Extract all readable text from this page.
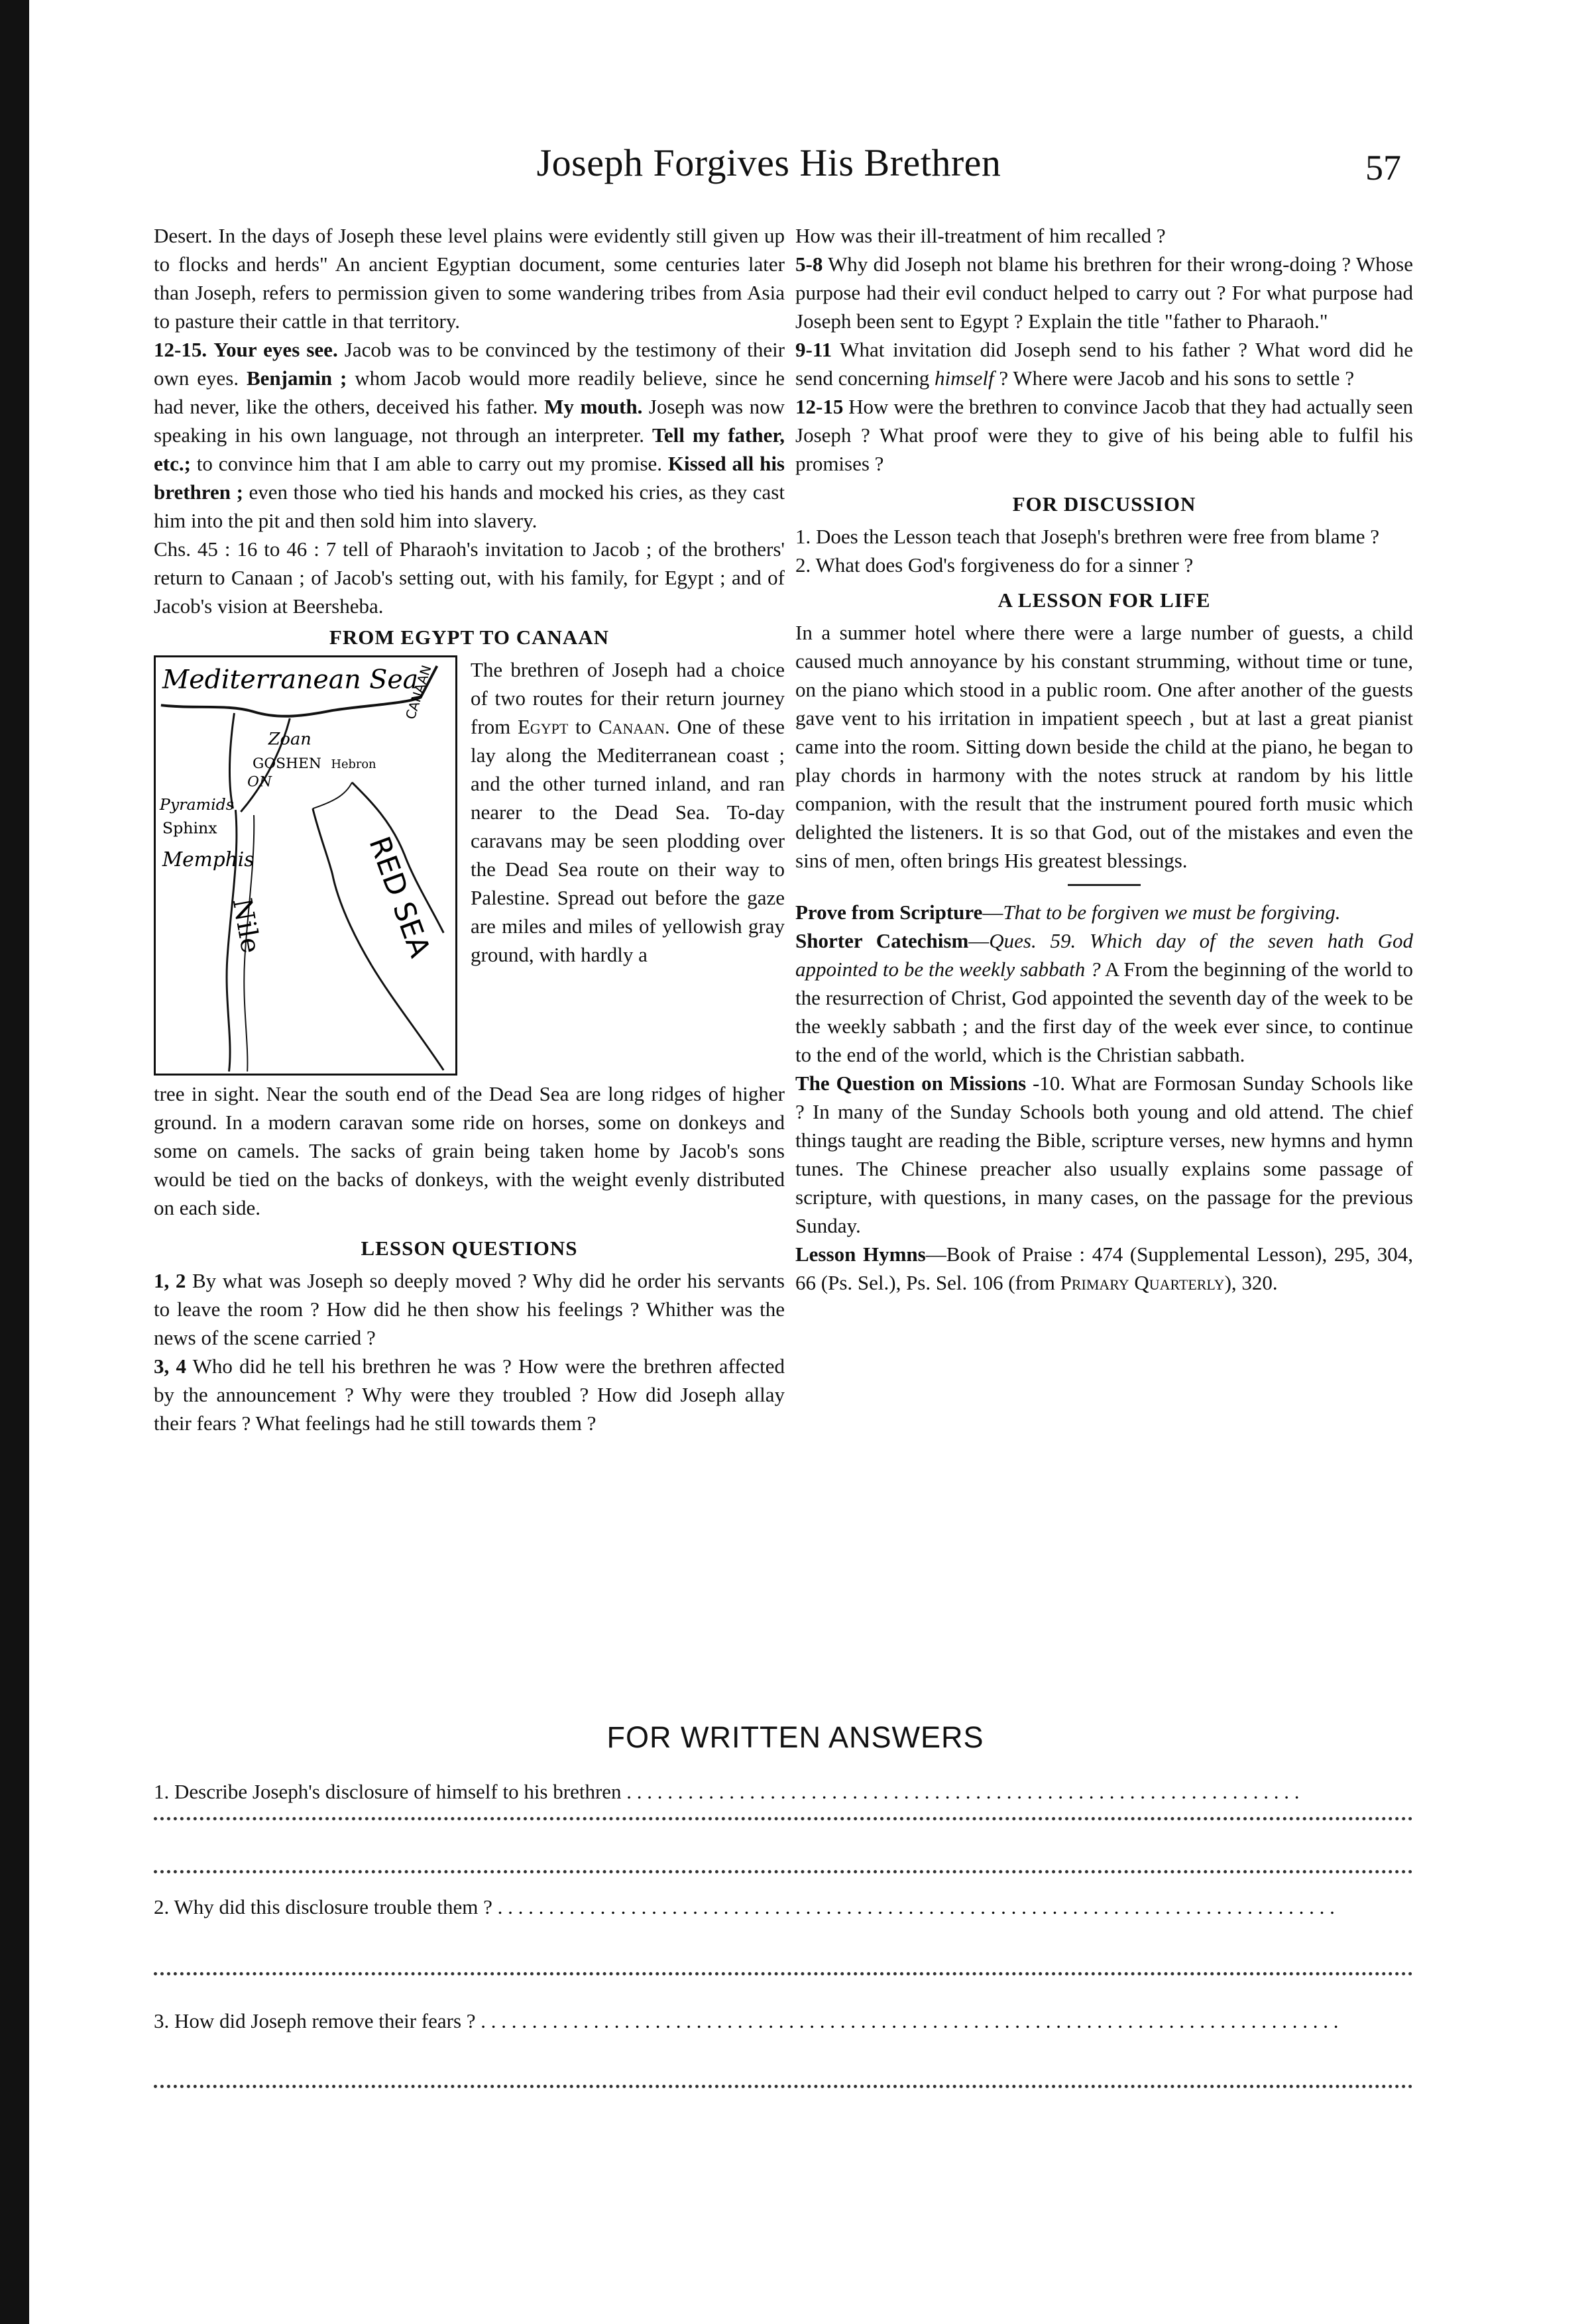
Joseph Forgives His Brethren	57

Desert. In the days of Joseph these level plains were evidently still given up to flocks and herds" An ancient Egyptian document, some centuries later than Joseph, refers to permission given to some wandering tribes from Asia to pasture their cattle in that territory.

12-15. Your eyes see. Jacob was to be convinced by the testimony of their own eyes. Benjamin ; whom Jacob would more readily believe, since he had never, like the others, deceived his father. My mouth. Joseph was now speaking in his own language, not through an interpreter. Tell my father, etc.; to convince him that I am able to carry out my promise. Kissed all his brethren ; even those who tied his hands and mocked his cries, as they cast him into the pit and then sold him into slavery.

Chs. 45 : 16 to 46 : 7 tell of Pharaoh's invitation to Jacob ; of the brothers' return to Canaan ; of Jacob's setting out, with his family, for Egypt ; and of Jacob's vision at Beersheba.

FROM EGYPT TO CANAAN
Mediterranean Sea
CANAAN
Zoan
GOSHEN Hebron
ON
Pyramids
Sphinx
Memphis
Nile	RED SEA

The brethren of Joseph had a choice of two routes for their return journey from Egypt to Canaan. One of these lay along the Mediterranean coast ; and the other turned inland, and ran nearer to the Dead Sea. To-day caravans may be seen plodding over the Dead Sea route on their way to Palestine. Spread out before the gaze are miles and miles of yellowish gray ground, with hardly a

tree in sight. Near the south end of the Dead Sea are long ridges of higher ground. In a modern caravan some ride on horses, some on donkeys and some on camels. The sacks of grain being taken home by Jacob's sons would be tied on the backs of donkeys, with the weight evenly distributed on each side.

LESSON QUESTIONS

1, 2 By what was Joseph so deeply moved ? Why did he order his servants to leave the room ? How did he then show his feelings ? Whither was the news of the scene carried ?

3, 4 Who did he tell his brethren he was ? How were the brethren affected by the announcement ? Why were they troubled ? How did Joseph allay their fears ? What feelings had he still towards them ?

How was their ill-treatment of him recalled ?

5-8 Why did Joseph not blame his brethren for their wrong-doing ? Whose purpose had their evil conduct helped to carry out ? For what purpose had Joseph been sent to Egypt ? Explain the title "father to Pharaoh."

9-11 What invitation did Joseph send to his father ? What word did he send concerning himself ? Where were Jacob and his sons to settle ?

12-15 How were the brethren to convince Jacob that they had actually seen Joseph ? What proof were they to give of his being able to fulfil his promises ?

FOR DISCUSSION

1. Does the Lesson teach that Joseph's brethren were free from blame ?

2. What does God's forgiveness do for a sinner ?

A LESSON FOR LIFE

In a summer hotel where there were a large number of guests, a child caused much annoyance by his constant strumming, without time or tune, on the piano which stood in a public room. One after another of the guests gave vent to his irritation in impatient speech , but at last a great pianist came into the room. Sitting down beside the child at the piano, he began to play chords in harmony with the notes struck at random by his little companion, with the result that the instrument poured forth music which delighted the listeners. It is so that God, out of the mistakes and even the sins of men, often brings His greatest blessings.

Prove from Scripture—That to be forgiven we must be forgiving.

Shorter Catechism—Ques. 59. Which day of the seven hath God appointed to be the weekly sabbath ? A From the beginning of the world to the resurrection of Christ, God appointed the seventh day of the week to be the weekly sabbath ; and the first day of the week ever since, to continue to the end of the world, which is the Christian sabbath.

The Question on Missions -10. What are Formosan Sunday Schools like ? In many of the Sunday Schools both young and old attend. The chief things taught are reading the Bible, scripture verses, new hymns and hymn tunes. The Chinese preacher also usually explains some passage of scripture, with questions, in many cases, on the passage for the previous Sunday.

Lesson Hymns—Book of Praise : 474 (Supplemental Lesson), 295, 304, 66 (Ps. Sel.), Ps. Sel. 106 (from Primary Quarterly), 320.

FOR WRITTEN ANSWERS
1. Describe Joseph's disclosure of himself to his brethren . . . . . . . . . . . . . . . . . . . . . . . . . . . . . . . . . . . . . . . . . . . . . . . . . . . . . . . . . . . . . . . . . .
2. Why did this disclosure trouble them ? . . . . . . . . . . . . . . . . . . . . . . . . . . . . . . . . . . . . . . . . . . . . . . . . . . . . . . . . . . . . . . . . . . . . . . . . . . . . . . . . . .
3. How did Joseph remove their fears ? . . . . . . . . . . . . . . . . . . . . . . . . . . . . . . . . . . . . . . . . . . . . . . . . . . . . . . . . . . . . . . . . . . . . . . . . . . . . . . . . . . . .
